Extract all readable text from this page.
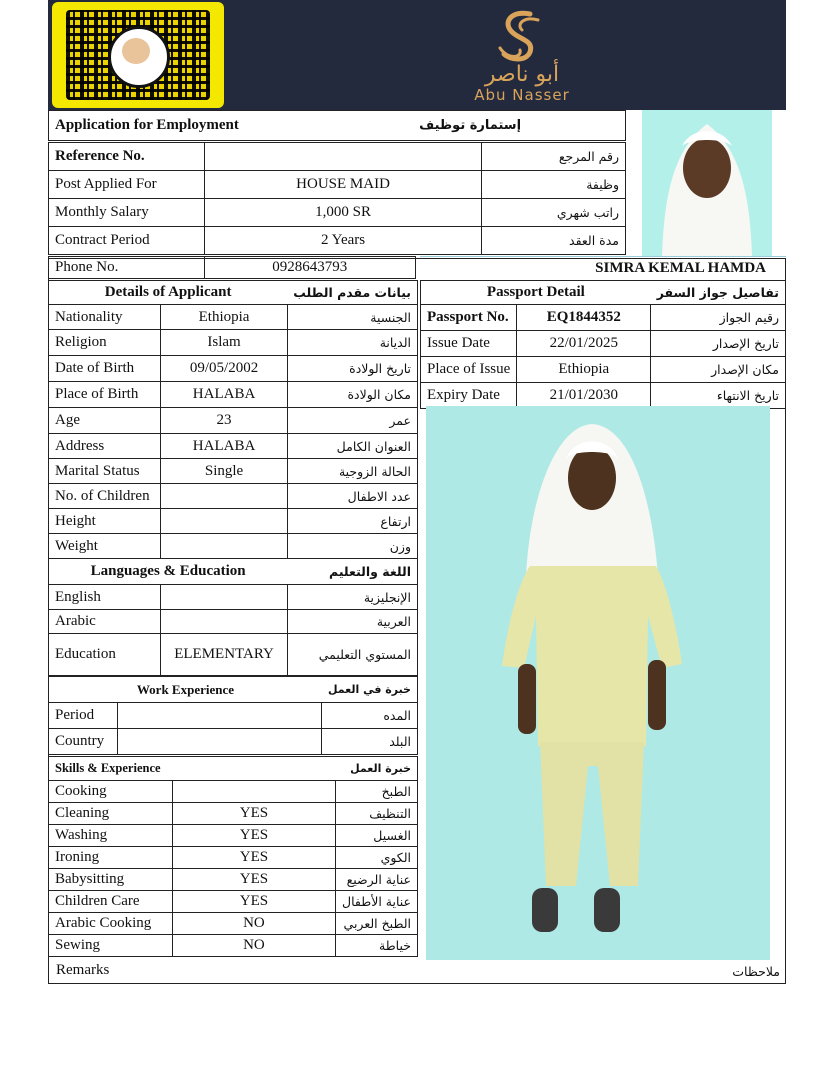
أبو ناصر
Abu Nasser
Application for Employment	إستمارة توظيف
Reference No.		رقم المرجع
Post Applied For	HOUSE MAID	وظيفة
Monthly Salary	1,000 SR	راتب شهري
Contract Period	2 Years	مدة العقد
Phone No.	0928643793	SIMRA KEMAL HAMDA
Details of Applicant		بيانات مقدم الطلب
Nationality	Ethiopia	الجنسية
Religion	Islam	الديانة
Date of Birth	09/05/2002	تاريخ الولادة
Place of Birth	HALABA	مكان الولادة
Age	23	عمر
Address	HALABA	العنوان الكامل
Marital Status	Single	الحالة الزوجية
No. of Children		عدد الاطفال
Height		ارتفاع
Weight		وزن
Languages & Education		اللغة والتعليم
English		الإنجليزية
Arabic		العربية
Education	ELEMENTARY	المستوي التعليمي
Work Experience		خبرة في العمل
Period		المده
Country		البلد
Skills & Experience		خبرة العمل
Cooking		الطبخ
Cleaning	YES	التنظيف
Washing	YES	الغسيل
Ironing	YES	الكوي
Babysitting	YES	عناية الرضيع
Children Care	YES	عناية الأطفال
Arabic Cooking	NO	الطبخ العربي
Sewing	NO	خياطة
Remarks	ملاحظات
Passport Detail		تفاصيل جواز السفر
Passport No.	EQ1844352	رقيم الجواز
Issue Date	22/01/2025	تاريخ الإصدار
Place of Issue	Ethiopia	مكان الإصدار
Expiry Date	21/01/2030	تاريخ الانتهاء
